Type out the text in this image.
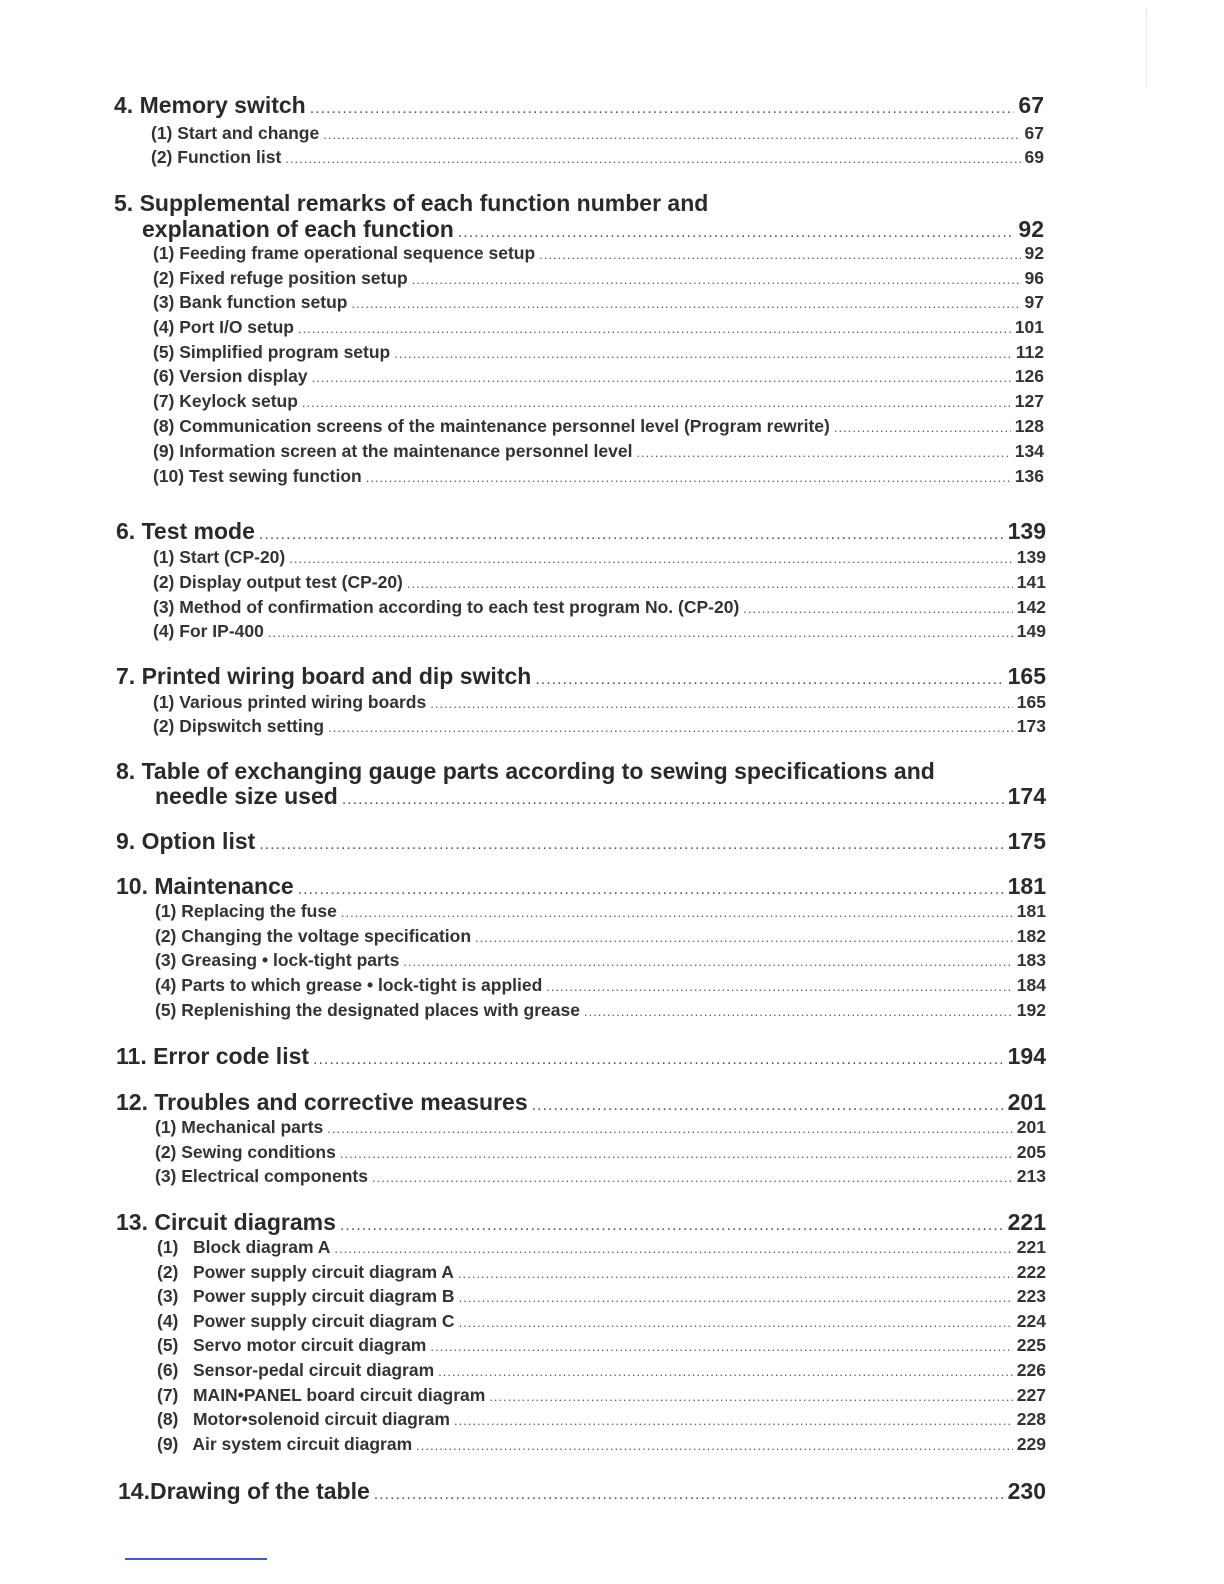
4. Memory switch .....	67
(1) Start and change .....	67
(2) Function list .....	69
5. Supplemental remarks of each function number and
explanation of each function .....	92
(1) Feeding frame operational sequence setup .....	92
(2) Fixed refuge position setup .....	96
(3) Bank function setup .....	97
(4) Port I/O setup .....	101
(5) Simplified program setup .....	112
(6) Version display .....	126
(7) Keylock setup .....	127
(8) Communication screens of the maintenance personnel level (Program rewrite) .....	128
(9) Information screen at the maintenance personnel level .....	134
(10) Test sewing function .....	136
6. Test mode .....	139
(1) Start (CP-20) .....	139
(2) Display output test (CP-20) .....	141
(3) Method of confirmation according to each test program No. (CP-20) .....	142
(4) For IP-400 .....	149
7. Printed wiring board and dip switch .....	165
(1) Various printed wiring boards .....	165
(2) Dipswitch setting .....	173
8. Table of exchanging gauge parts according to sewing specifications and
needle size used .....	174
9. Option list .....	175
10. Maintenance .....	181
(1) Replacing the fuse .....	181
(2) Changing the voltage specification .....	182
(3) Greasing • lock-tight parts .....	183
(4) Parts to which grease • lock-tight is applied .....	184
(5) Replenishing the designated places with grease .....	192
11. Error code list .....	194
12. Troubles and corrective measures .....	201
(1) Mechanical parts .....	201
(2) Sewing conditions .....	205
(3) Electrical components .....	213
13. Circuit diagrams .....	221
(1)   Block diagram A .....	221
(2)   Power supply circuit diagram A .....	222
(3)   Power supply circuit diagram B .....	223
(4)   Power supply circuit diagram C .....	224
(5)   Servo motor circuit diagram .....	225
(6)   Sensor-pedal circuit diagram .....	226
(7)   MAIN•PANEL board circuit diagram .....	227
(8)   Motor•solenoid circuit diagram .....	228
(9)   Air system circuit diagram .....	229
14.Drawing of the table .....	230
